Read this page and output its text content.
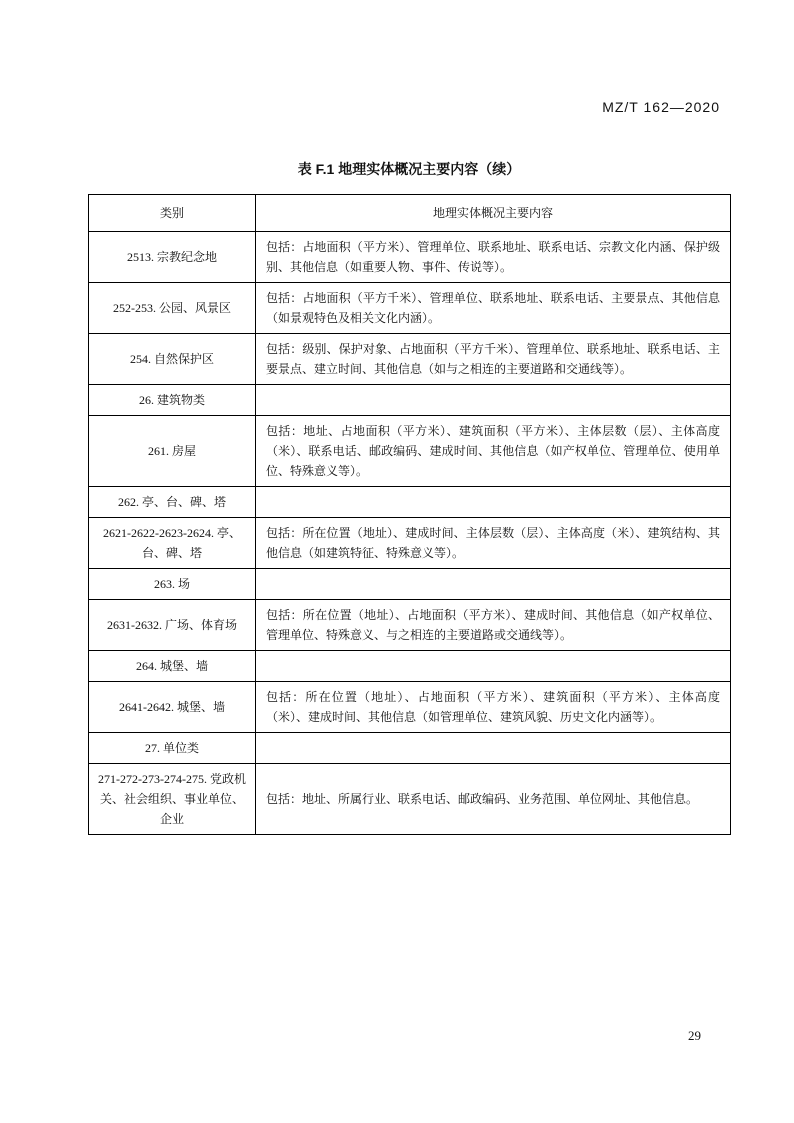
MZ/T 162—2020
表 F.1 地理实体概况主要内容（续）
类别	地理实体概况主要内容
2513. 宗教纪念地	包括：占地面积（平方米）、管理单位、联系地址、联系电话、宗教文化内涵、保护级别、其他信息（如重要人物、事件、传说等）。
252-253. 公园、风景区	包括：占地面积（平方千米）、管理单位、联系地址、联系电话、主要景点、其他信息（如景观特色及相关文化内涵）。
254. 自然保护区	包括：级别、保护对象、占地面积（平方千米）、管理单位、联系地址、联系电话、主要景点、建立时间、其他信息（如与之相连的主要道路和交通线等）。
26. 建筑物类	
261. 房屋	包括：地址、占地面积（平方米）、建筑面积（平方米）、主体层数（层）、主体高度（米）、联系电话、邮政编码、建成时间、其他信息（如产权单位、管理单位、使用单位、特殊意义等）。
262. 亭、台、碑、塔	
2621-2622-2623-2624. 亭、台、碑、塔	包括：所在位置（地址）、建成时间、主体层数（层）、主体高度（米）、建筑结构、其他信息（如建筑特征、特殊意义等）。
263. 场	
2631-2632. 广场、体育场	包括：所在位置（地址）、占地面积（平方米）、建成时间、其他信息（如产权单位、管理单位、特殊意义、与之相连的主要道路或交通线等）。
264. 城堡、墙	
2641-2642. 城堡、墙	包括：所在位置（地址）、占地面积（平方米）、建筑面积（平方米）、主体高度（米）、建成时间、其他信息（如管理单位、建筑风貌、历史文化内涵等）。
27. 单位类	
271-272-273-274-275. 党政机关、社会组织、事业单位、企业	包括：地址、所属行业、联系电话、邮政编码、业务范围、单位网址、其他信息。
29
